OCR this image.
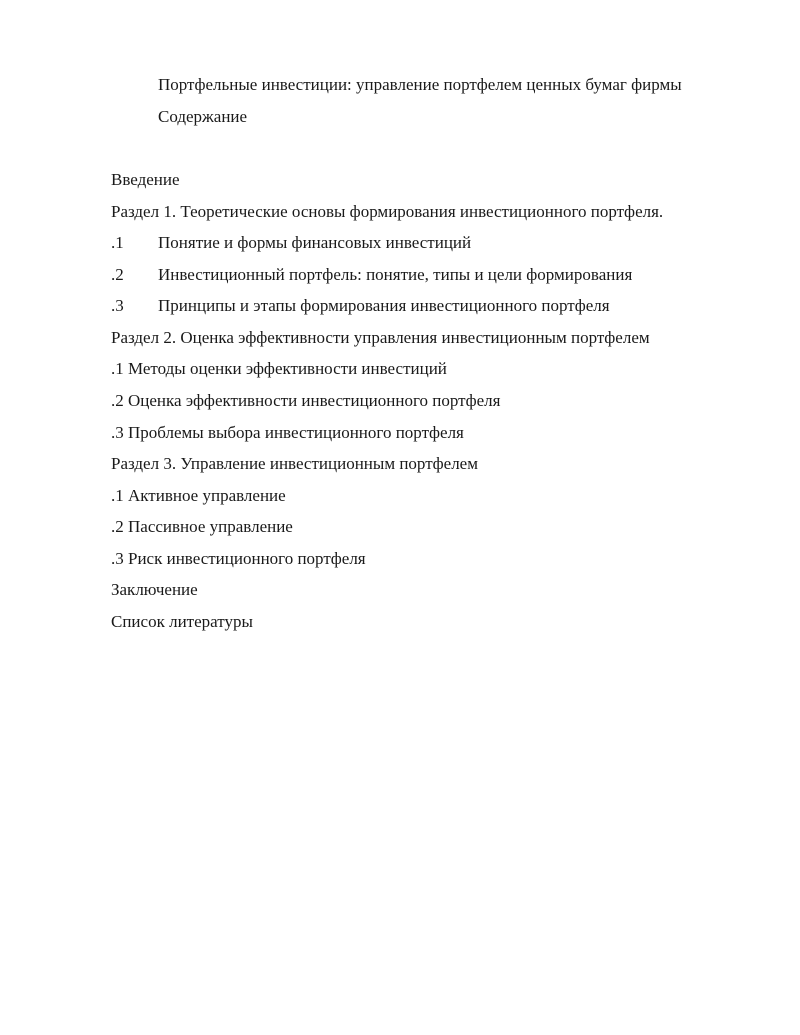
Портфельные инвестиции: управление портфелем ценных бумаг фирмы
Содержание
Введение
Раздел 1. Теоретические основы формирования инвестиционного портфеля.
.1 Понятие и формы финансовых инвестиций
.2 Инвестиционный портфель: понятие, типы и цели формирования
.3 Принципы и этапы формирования инвестиционного портфеля
Раздел 2. Оценка эффективности управления инвестиционным портфелем
.1 Методы оценки эффективности инвестиций
.2 Оценка эффективности инвестиционного портфеля
.3 Проблемы выбора инвестиционного портфеля
Раздел 3. Управление инвестиционным портфелем
.1 Активное управление
.2 Пассивное управление
.3 Риск инвестиционного портфеля
Заключение
Список литературы
